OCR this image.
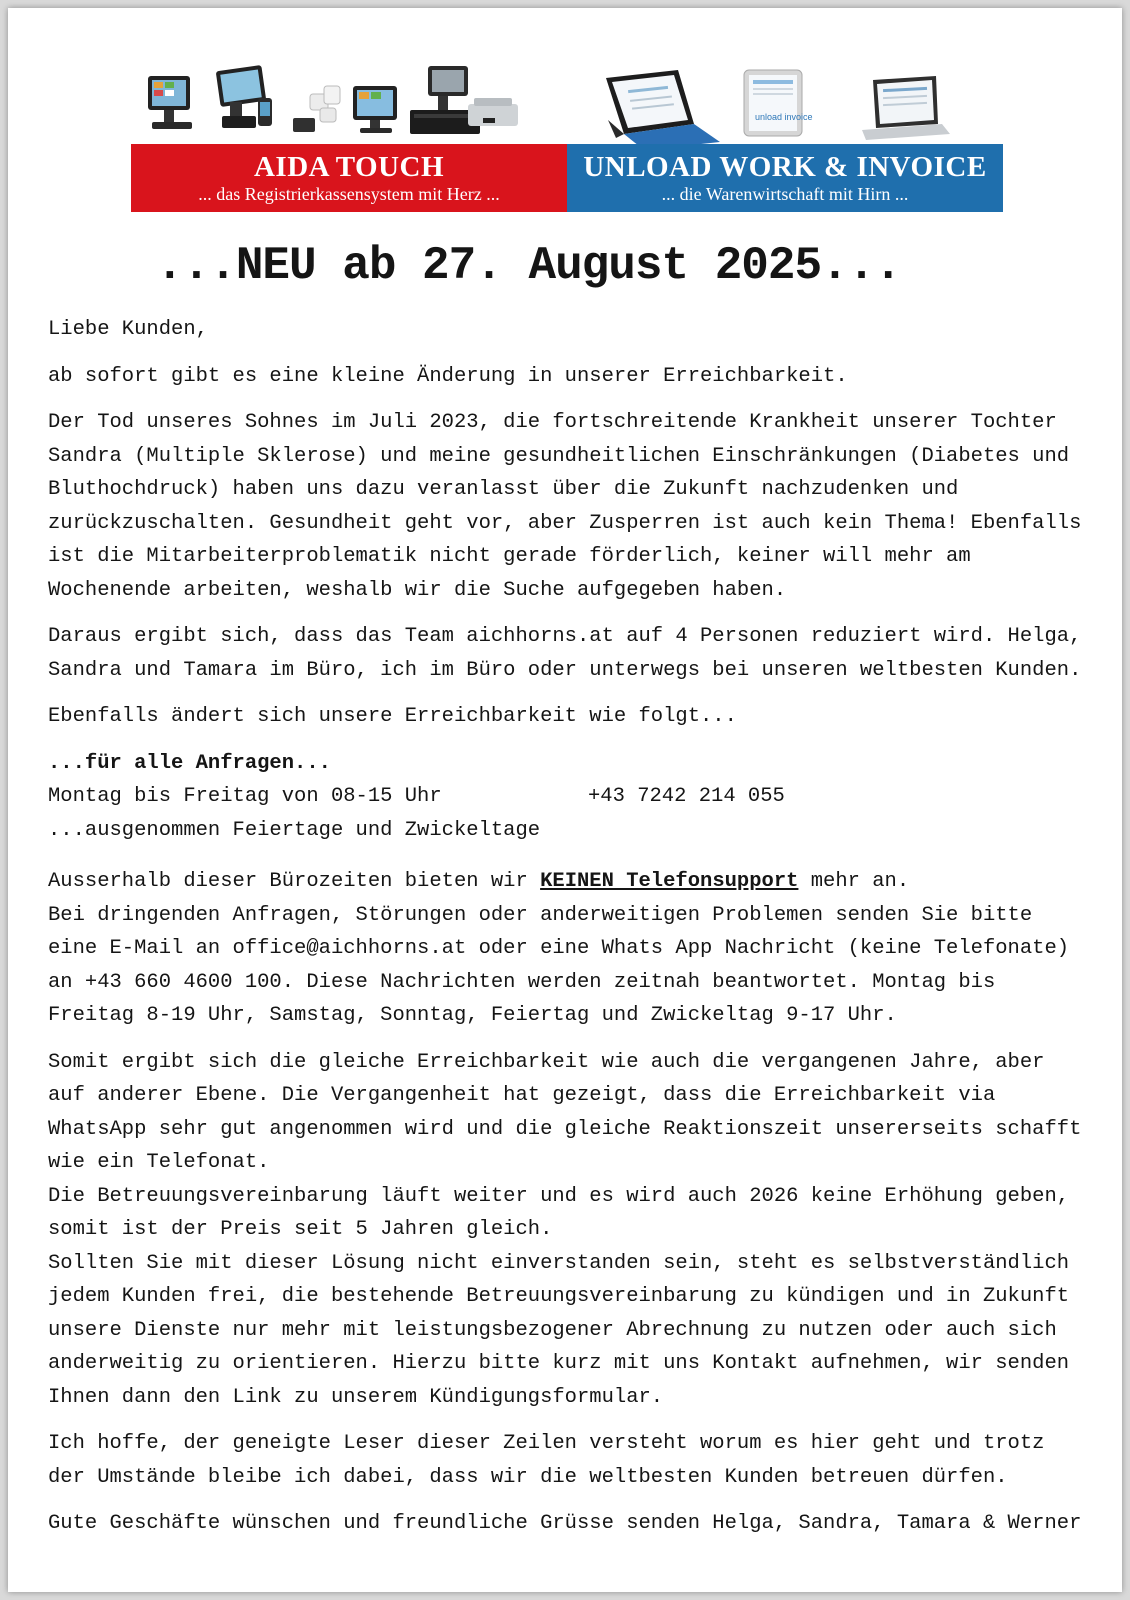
unload invoice
AIDA TOUCH
... das Registrierkassensystem mit Herz ...
UNLOAD WORK & INVOICE
... die Warenwirtschaft mit Hirn ...
...NEU ab 27. August 2025...

Liebe Kunden,

ab sofort gibt es eine kleine Änderung in unserer Erreichbarkeit.

Der Tod unseres Sohnes im Juli 2023, die fortschreitende Krankheit unserer Tochter Sandra (Multiple Sklerose) und meine gesundheitlichen Einschränkungen (Diabetes und Bluthochdruck) haben uns dazu veranlasst über die Zukunft nachzudenken und zurückzuschalten. Gesundheit geht vor, aber Zusperren ist auch kein Thema! Ebenfalls ist die Mitarbeiterproblematik nicht gerade förderlich, keiner will mehr am Wochenende arbeiten, weshalb wir die Suche aufgegeben haben.

Daraus ergibt sich, dass das Team aichhorns.at auf 4 Personen reduziert wird. Helga, Sandra und Tamara im Büro, ich im Büro oder unterwegs bei unseren weltbesten Kunden.

Ebenfalls ändert sich unsere Erreichbarkeit wie folgt...

...für alle Anfragen...
Montag bis Freitag von 08-15 Uhr	+43 7242 214 055

...ausgenommen Feiertage und Zwickeltage

Ausserhalb dieser Bürozeiten bieten wir KEINEN Telefonsupport mehr an.

Bei dringenden Anfragen, Störungen oder anderweitigen Problemen senden Sie bitte eine E-Mail an office@aichhorns.at oder eine Whats App Nachricht (keine Telefonate) an +43 660 4600 100. Diese Nachrichten werden zeitnah beantwortet. Montag bis Freitag 8-19 Uhr, Samstag, Sonntag, Feiertag und Zwickeltag 9-17 Uhr.

Somit ergibt sich die gleiche Erreichbarkeit wie auch die vergangenen Jahre, aber auf anderer Ebene. Die Vergangenheit hat gezeigt, dass die Erreichbarkeit via WhatsApp sehr gut angenommen wird und die gleiche Reaktionszeit unsererseits schafft wie ein Telefonat.

Die Betreuungsvereinbarung läuft weiter und es wird auch 2026 keine Erhöhung geben, somit ist der Preis seit 5 Jahren gleich.

Sollten Sie mit dieser Lösung nicht einverstanden sein, steht es selbstverständlich jedem Kunden frei, die bestehende Betreuungsvereinbarung zu kündigen und in Zukunft unsere Dienste nur mehr mit leistungsbezogener Abrechnung zu nutzen oder auch sich anderweitig zu orientieren. Hierzu bitte kurz mit uns Kontakt aufnehmen, wir senden Ihnen dann den Link zu unserem Kündigungsformular.

Ich hoffe, der geneigte Leser dieser Zeilen versteht worum es hier geht und trotz der Umstände bleibe ich dabei, dass wir die weltbesten Kunden betreuen dürfen.

Gute Geschäfte wünschen und freundliche Grüsse senden Helga, Sandra, Tamara & Werner
